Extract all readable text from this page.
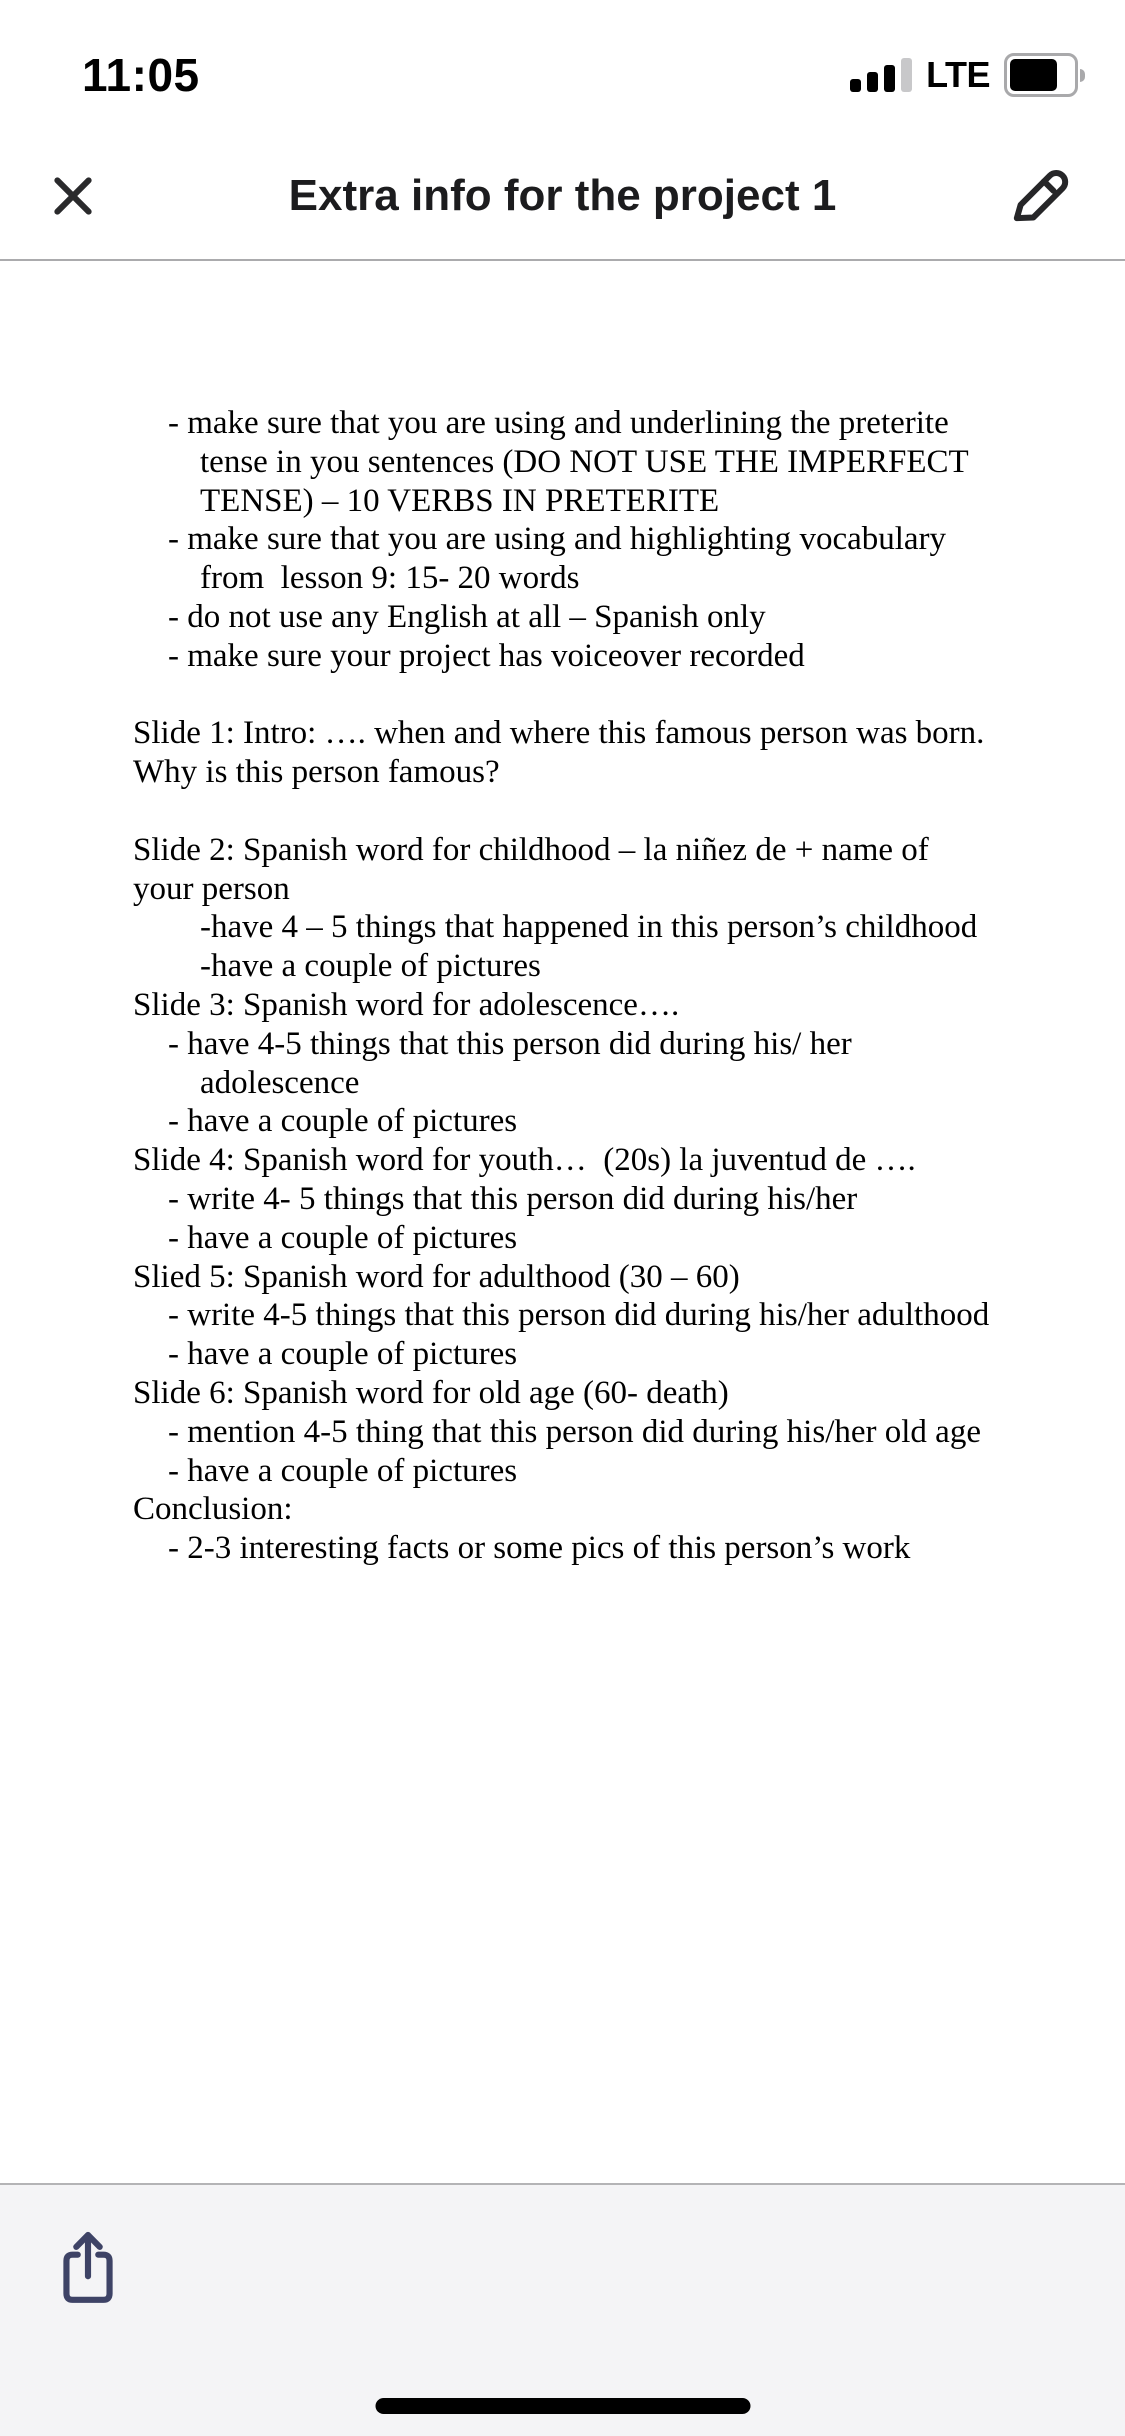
11:05	LTE
Extra info for the project 1
- make sure that you are using and underlining the preterite
tense in you sentences (DO NOT USE THE IMPERFECT
TENSE) – 10 VERBS IN PRETERITE
- make sure that you are using and highlighting vocabulary
from  lesson 9: 15- 20 words
- do not use any English at all – Spanish only
- make sure your project has voiceover recorded

Slide 1: Intro: …. when and where this famous person was born.
Why is this person famous?

Slide 2: Spanish word for childhood – la niñez de + name of
your person
-have 4 – 5 things that happened in this person’s childhood
-have a couple of pictures
Slide 3: Spanish word for adolescence….
- have 4-5 things that this person did during his/ her
adolescence
- have a couple of pictures
Slide 4: Spanish word for youth…  (20s) la juventud de ….
- write 4- 5 things that this person did during his/her
- have a couple of pictures
Slied 5: Spanish word for adulthood (30 – 60)
- write 4-5 things that this person did during his/her adulthood
- have a couple of pictures
Slide 6: Spanish word for old age (60- death)
- mention 4-5 thing that this person did during his/her old age
- have a couple of pictures
Conclusion:
- 2-3 interesting facts or some pics of this person’s work
